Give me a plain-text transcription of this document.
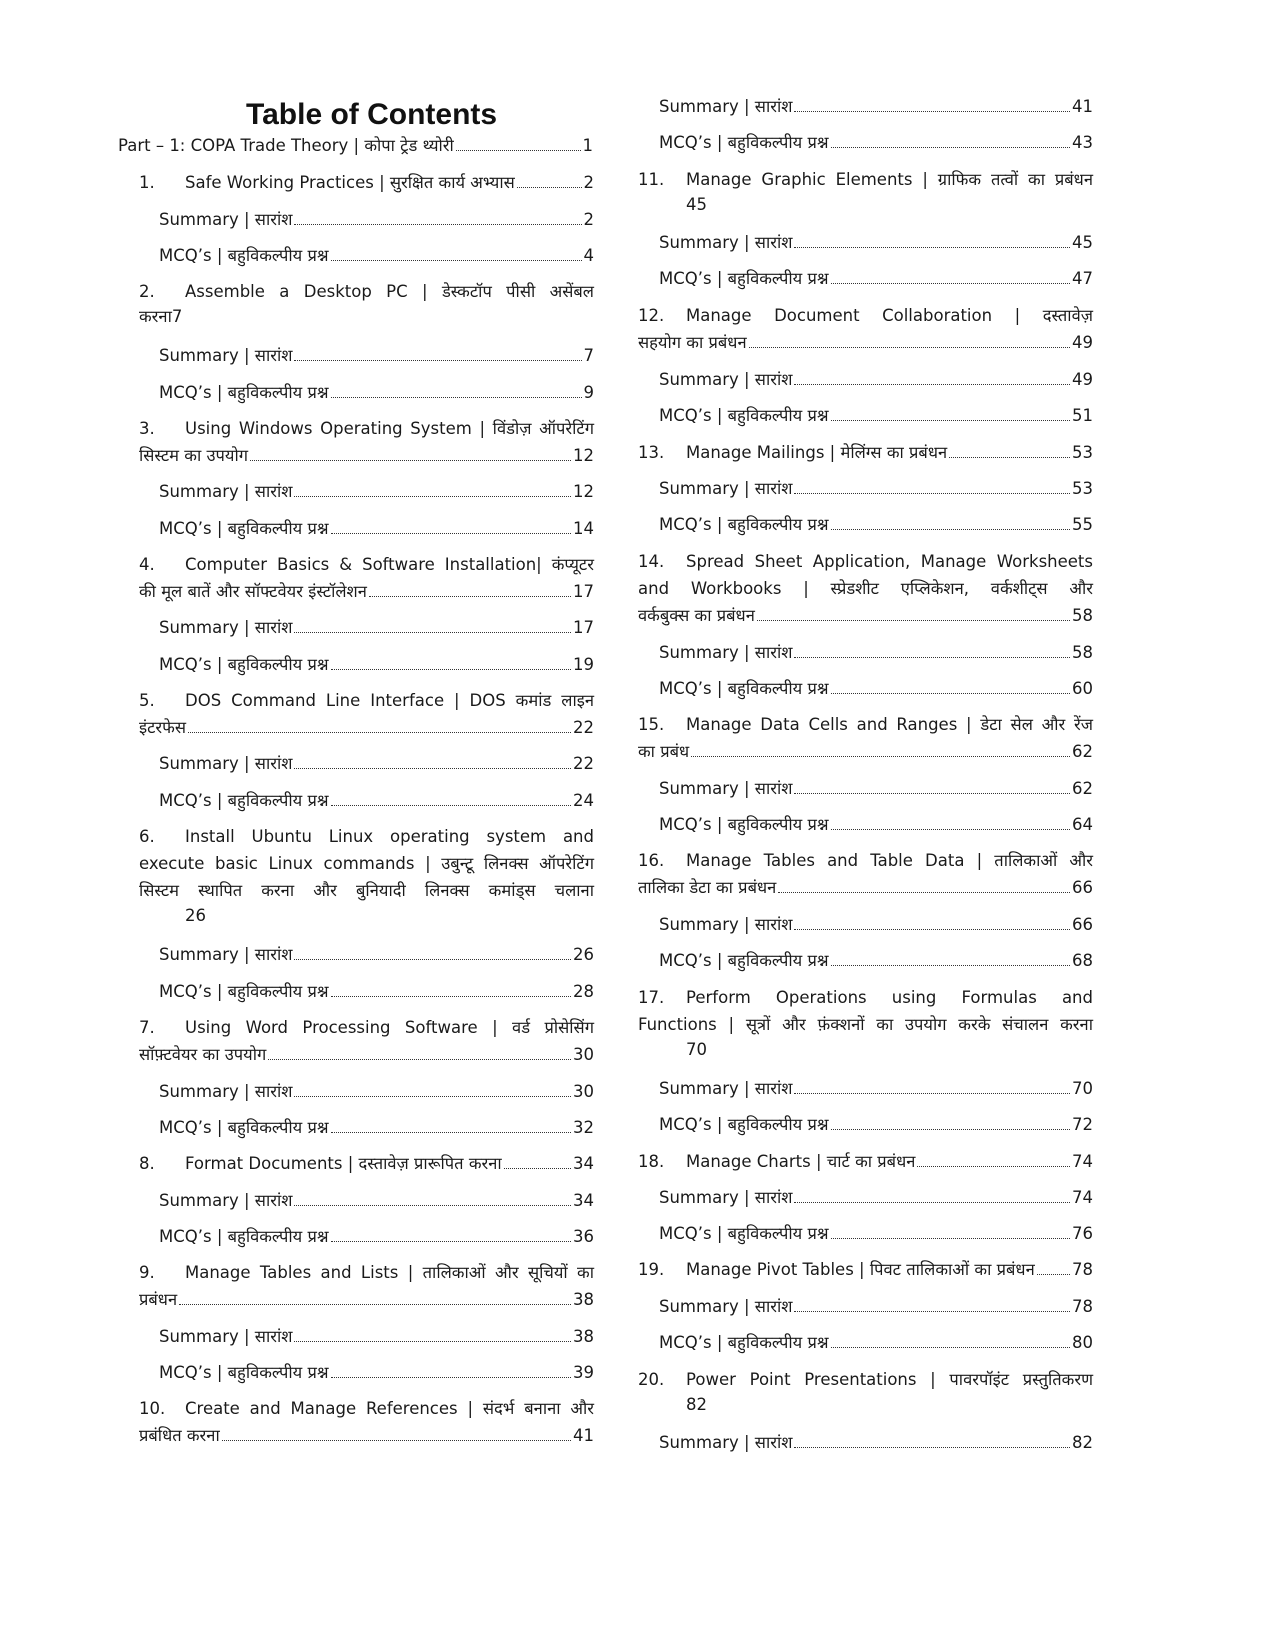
Table of Contents
Part – 1: COPA Trade Theory | कोपा ट्रेड थ्योरी	1
1.	Safe Working Practices | सुरक्षित कार्य अभ्यास	2
Summary | सारांश	2
MCQ’s | बहुविकल्पीय प्रश्न	4
2.	Assemble a Desktop PC | डेस्कटॉप पीसी असेंबल
करना7
Summary | सारांश	7
MCQ’s | बहुविकल्पीय प्रश्न	9
3.	Using Windows Operating System | विंडोज़ ऑपरेटिंग
सिस्टम का उपयोग	12
Summary | सारांश	12
MCQ’s | बहुविकल्पीय प्रश्न	14
4.	Computer Basics & Software Installation| कंप्यूटर
की मूल बातें और सॉफ्टवेयर इंस्टॉलेशन	17
Summary | सारांश	17
MCQ’s | बहुविकल्पीय प्रश्न	19
5.	DOS Command Line Interface | DOS कमांड लाइन
इंटरफेस	22
Summary | सारांश	22
MCQ’s | बहुविकल्पीय प्रश्न	24
6.	Install Ubuntu Linux operating system and
execute basic Linux commands | उबुन्टू लिनक्स ऑपरेटिंग
सिस्टम स्थापित करना और बुनियादी लिनक्स कमांड्स चलाना
26
Summary | सारांश	26
MCQ’s | बहुविकल्पीय प्रश्न	28
7.	Using Word Processing Software | वर्ड प्रोसेसिंग
सॉफ़्टवेयर का उपयोग	30
Summary | सारांश	30
MCQ’s | बहुविकल्पीय प्रश्न	32
8.	Format Documents | दस्तावेज़ प्रारूपित करना	34
Summary | सारांश	34
MCQ’s | बहुविकल्पीय प्रश्न	36
9.	Manage Tables and Lists | तालिकाओं और सूचियों का
प्रबंधन	38
Summary | सारांश	38
MCQ’s | बहुविकल्पीय प्रश्न	39
10.	Create and Manage References | संदर्भ बनाना और
प्रबंधित करना	41
Summary | सारांश	41
MCQ’s | बहुविकल्पीय प्रश्न	43
11.	Manage Graphic Elements | ग्राफिक तत्वों का प्रबंधन
45
Summary | सारांश	45
MCQ’s | बहुविकल्पीय प्रश्न	47
12.	Manage Document Collaboration | दस्तावेज़
सहयोग का प्रबंधन	49
Summary | सारांश	49
MCQ’s | बहुविकल्पीय प्रश्न	51
13.	Manage Mailings | मेलिंग्स का प्रबंधन	53
Summary | सारांश	53
MCQ’s | बहुविकल्पीय प्रश्न	55
14.	Spread Sheet Application, Manage Worksheets
and Workbooks | स्प्रेडशीट एप्लिकेशन, वर्कशीट्स और
वर्कबुक्स का प्रबंधन	58
Summary | सारांश	58
MCQ’s | बहुविकल्पीय प्रश्न	60
15.	Manage Data Cells and Ranges | डेटा सेल और रेंज
का प्रबंध	62
Summary | सारांश	62
MCQ’s | बहुविकल्पीय प्रश्न	64
16.	Manage Tables and Table Data | तालिकाओं और
तालिका डेटा का प्रबंधन	66
Summary | सारांश	66
MCQ’s | बहुविकल्पीय प्रश्न	68
17.	Perform Operations using Formulas and
Functions | सूत्रों और फ़ंक्शनों का उपयोग करके संचालन करना
70
Summary | सारांश	70
MCQ’s | बहुविकल्पीय प्रश्न	72
18.	Manage Charts | चार्ट का प्रबंधन	74
Summary | सारांश	74
MCQ’s | बहुविकल्पीय प्रश्न	76
19.	Manage Pivot Tables | पिवट तालिकाओं का प्रबंधन 78
Summary | सारांश	78
MCQ’s | बहुविकल्पीय प्रश्न	80
20.	Power Point Presentations | पावरपॉइंट प्रस्तुतिकरण
82
Summary | सारांश	82
